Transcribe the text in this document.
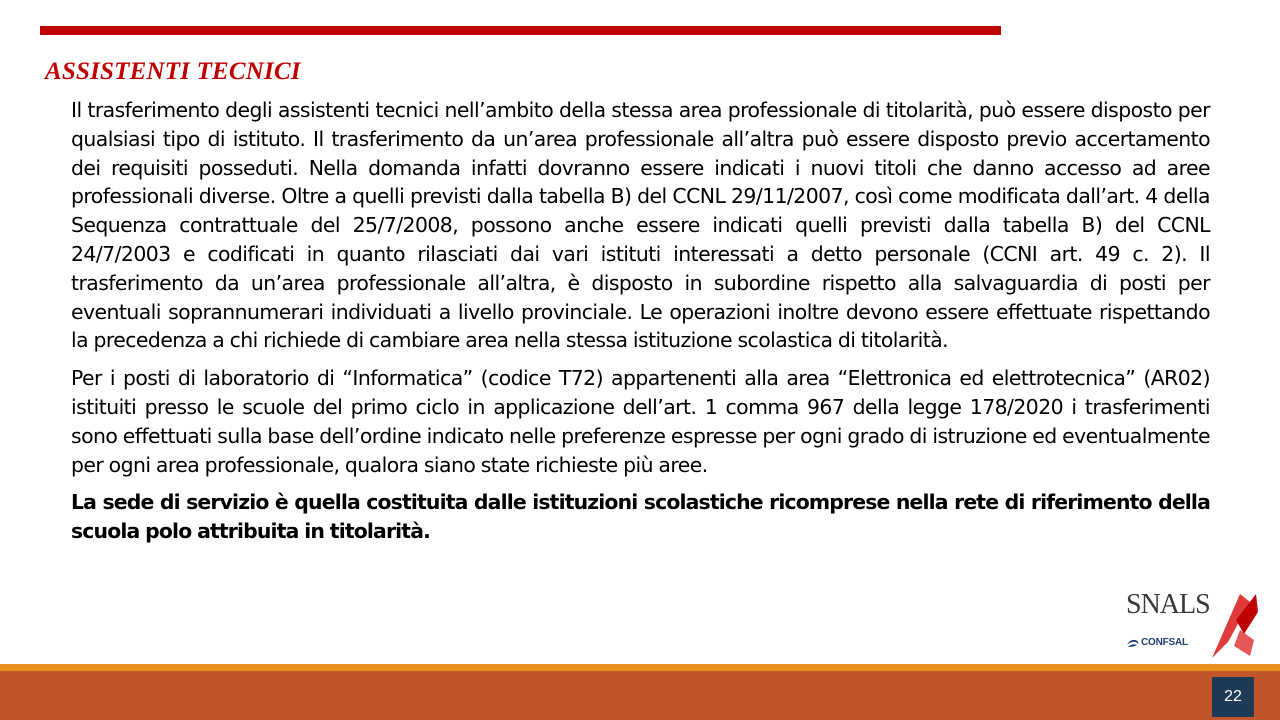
ASSISTENTI TECNICI

Il trasferimento degli assistenti tecnici nell’ambito della stessa area professionale di titolarità, può essere disposto per qualsiasi tipo di istituto. Il trasferimento da un’area professionale all’altra può essere disposto previo accertamento dei requisiti posseduti. Nella domanda infatti dovranno essere indicati i nuovi titoli che danno accesso ad aree professionali diverse. Oltre a quelli previsti dalla tabella B) del CCNL 29/11/2007, così come modificata dall’art. 4 della Sequenza contrattuale del 25/7/2008, possono anche essere indicati quelli previsti dalla tabella B) del CCNL 24/7/2003 e codificati in quanto rilasciati dai vari istituti interessati a detto personale (CCNI art. 49 c. 2). Il trasferimento da un’area professionale all’altra, è disposto in subordine rispetto alla salvaguardia di posti per eventuali soprannumerari individuati a livello provinciale. Le operazioni inoltre devono essere effettuate rispettando la precedenza a chi richiede di cambiare area nella stessa istituzione scolastica di titolarità.

Per i posti di laboratorio di “Informatica” (codice T72) appartenenti alla area “Elettronica ed elettrotecnica” (AR02) istituiti presso le scuole del primo ciclo in applicazione dell’art. 1 comma 967 della legge 178/2020 i trasferimenti sono effettuati sulla base dell’ordine indicato nelle preferenze espresse per ogni grado di istruzione ed eventualmente per ogni area professionale, qualora siano state richieste più aree.

La sede di servizio è quella costituita dalle istituzioni scolastiche ricomprese nella rete di riferimento della scuola polo attribuita in titolarità.

SNALS
CONFSAL
22
